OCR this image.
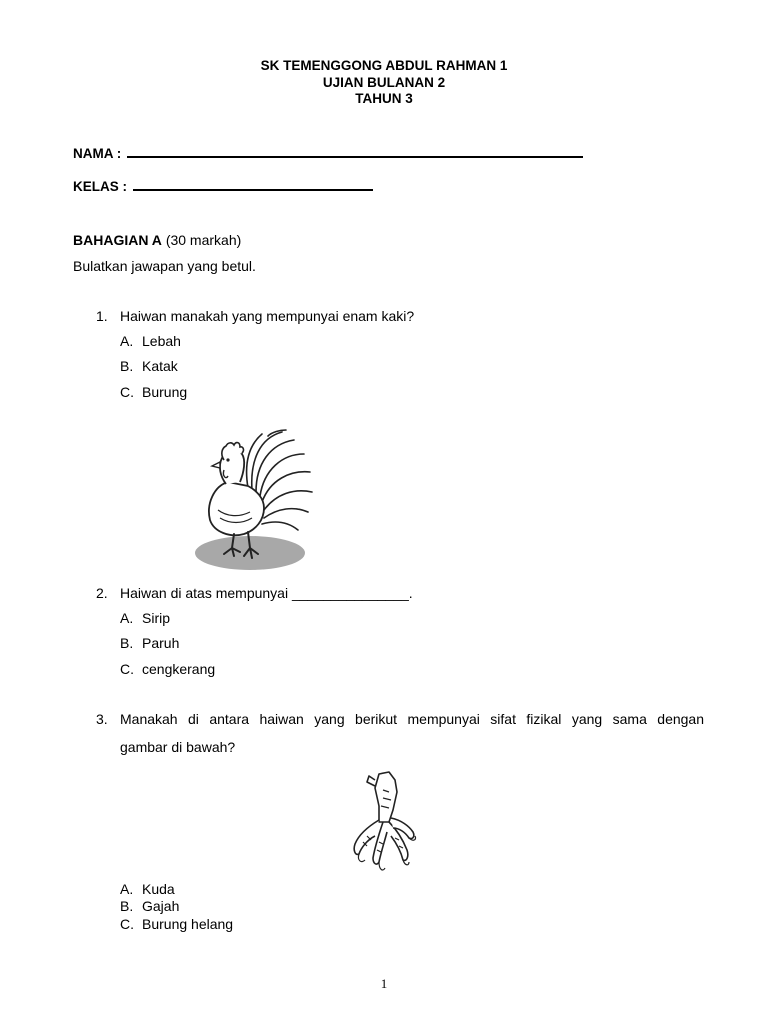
SK TEMENGGONG ABDUL RAHMAN 1
UJIAN BULANAN 2
TAHUN 3
NAMA :
KELAS :
BAHAGIAN A (30 markah)
Bulatkan jawapan yang betul.
1. Haiwan manakah yang mempunyai enam kaki?
A. Lebah
B. Katak
C. Burung
2. Haiwan di atas mempunyai _______________.
A. Sirip
B. Paruh
C. cengkerang
3. Manakah di antara haiwan yang berikut mempunyai sifat fizikal yang sama dengan
gambar di bawah?
A. Kuda
B. Gajah
C. Burung helang
1
